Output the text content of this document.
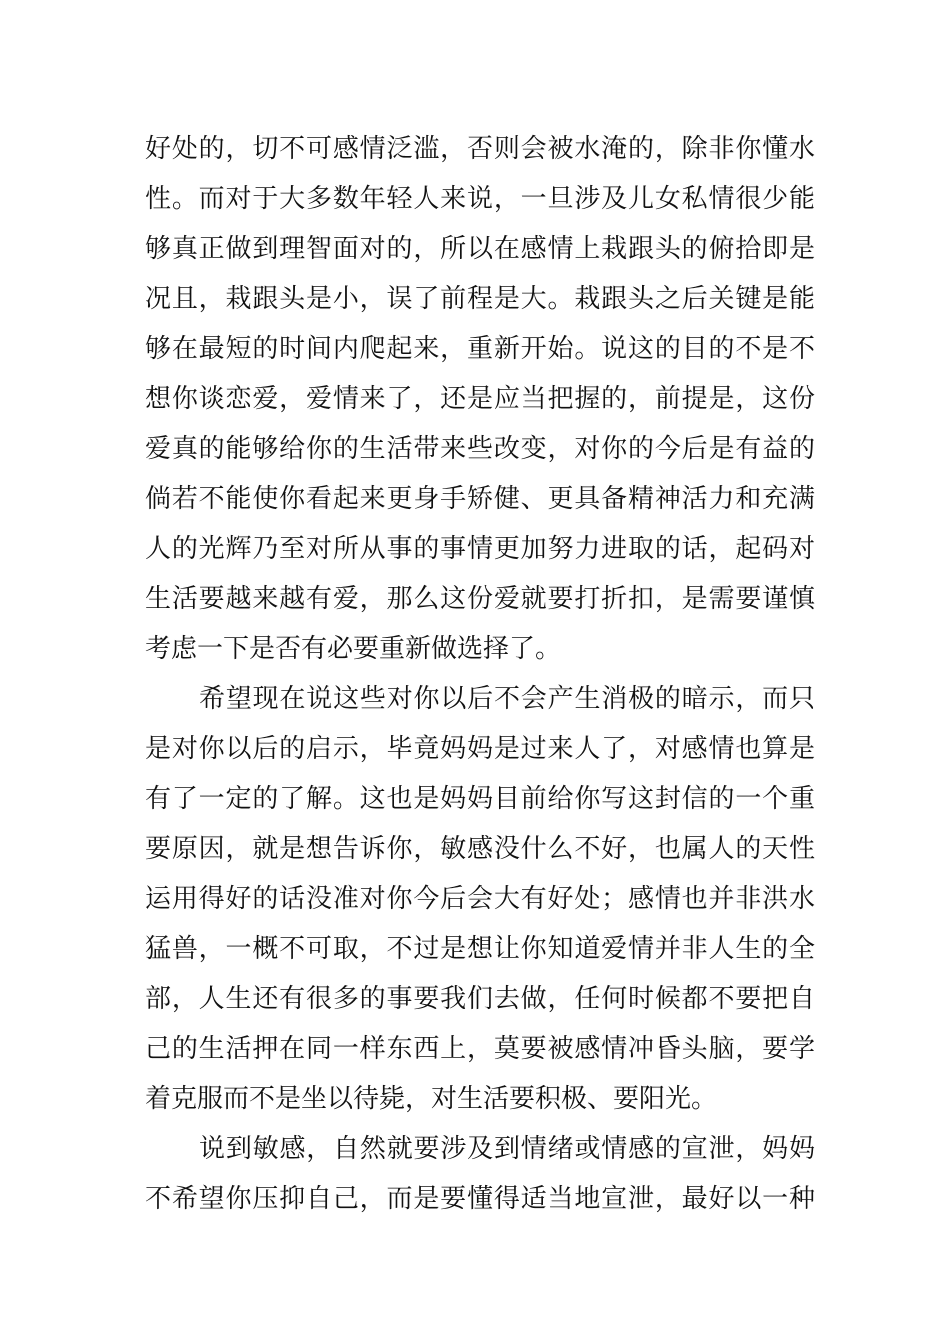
好处的，切不可感情泛滥，否则会被水淹的，除非你懂水
性。而对于大多数年轻人来说，一旦涉及儿女私情很少能
够真正做到理智面对的，所以在感情上栽跟头的俯拾即是
况且，栽跟头是小，误了前程是大。栽跟头之后关键是能
够在最短的时间内爬起来，重新开始。说这的目的不是不
想你谈恋爱，爱情来了，还是应当把握的，前提是，这份
爱真的能够给你的生活带来些改变，对你的今后是有益的
倘若不能使你看起来更身手矫健、更具备精神活力和充满
人的光辉乃至对所从事的事情更加努力进取的话，起码对
生活要越来越有爱，那么这份爱就要打折扣，是需要谨慎
考虑一下是否有必要重新做选择了。
希望现在说这些对你以后不会产生消极的暗示，而只
是对你以后的启示，毕竟妈妈是过来人了，对感情也算是
有了一定的了解。这也是妈妈目前给你写这封信的一个重
要原因，就是想告诉你，敏感没什么不好，也属人的天性
运用得好的话没准对你今后会大有好处；感情也并非洪水
猛兽，一概不可取，不过是想让你知道爱情并非人生的全
部，人生还有很多的事要我们去做，任何时候都不要把自
己的生活押在同一样东西上，莫要被感情冲昏头脑，要学
着克服而不是坐以待毙，对生活要积极、要阳光。
说到敏感，自然就要涉及到情绪或情感的宣泄，妈妈
不希望你压抑自己，而是要懂得适当地宣泄，最好以一种
